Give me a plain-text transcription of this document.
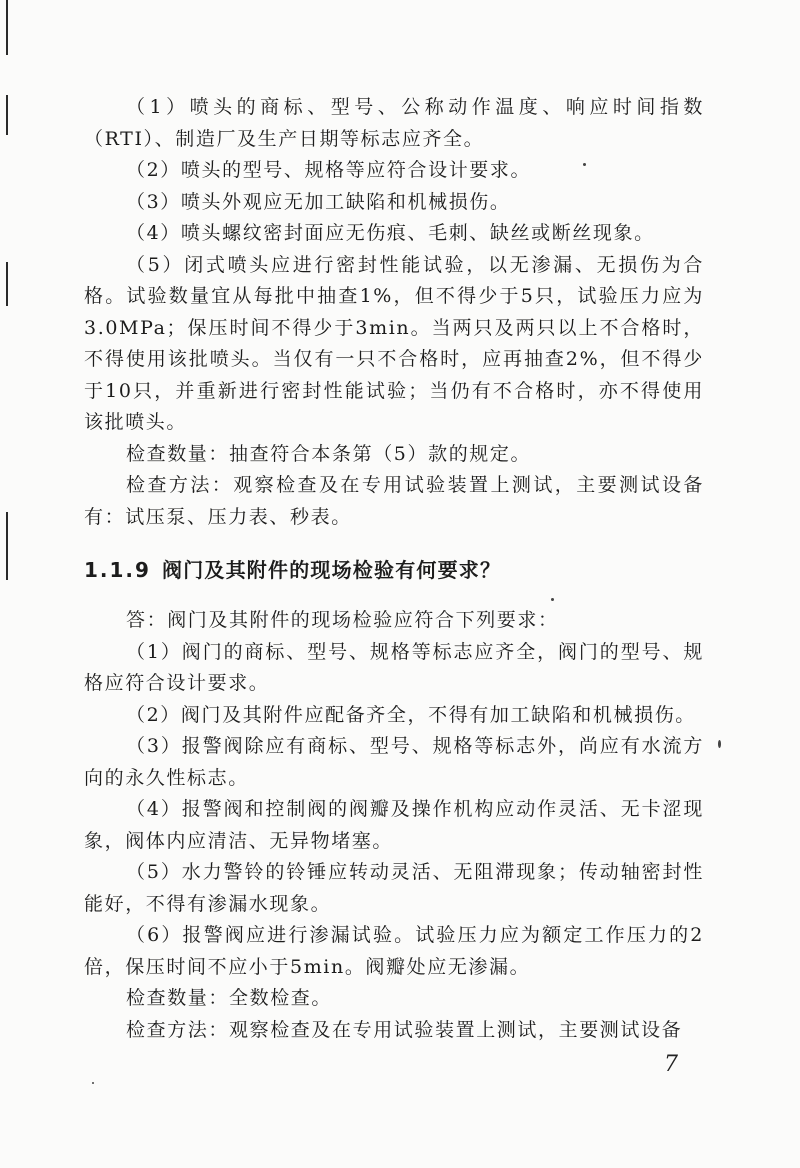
（1）喷头的商标、型号、公称动作温度、响应时间指数（RTI）、制造厂及生产日期等标志应齐全。

（2）喷头的型号、规格等应符合设计要求。

（3）喷头外观应无加工缺陷和机械损伤。

（4）喷头螺纹密封面应无伤痕、毛刺、缺丝或断丝现象。

（5）闭式喷头应进行密封性能试验，以无渗漏、无损伤为合格。试验数量宜从每批中抽查1%，但不得少于5只，试验压力应为3.0MPa；保压时间不得少于3min。当两只及两只以上不合格时，不得使用该批喷头。当仅有一只不合格时，应再抽查2%，但不得少于10只，并重新进行密封性能试验；当仍有不合格时，亦不得使用该批喷头。

检查数量：抽查符合本条第（5）款的规定。

检查方法：观察检查及在专用试验装置上测试，主要测试设备有：试压泵、压力表、秒表。

1.1.9 阀门及其附件的现场检验有何要求？

答：阀门及其附件的现场检验应符合下列要求：

（1）阀门的商标、型号、规格等标志应齐全，阀门的型号、规格应符合设计要求。

（2）阀门及其附件应配备齐全，不得有加工缺陷和机械损伤。

（3）报警阀除应有商标、型号、规格等标志外，尚应有水流方向的永久性标志。

（4）报警阀和控制阀的阀瓣及操作机构应动作灵活、无卡涩现象，阀体内应清洁、无异物堵塞。

（5）水力警铃的铃锤应转动灵活、无阻滞现象；传动轴密封性能好，不得有渗漏水现象。

（6）报警阀应进行渗漏试验。试验压力应为额定工作压力的2倍，保压时间不应小于5min。阀瓣处应无渗漏。

检查数量：全数检查。

检查方法：观察检查及在专用试验装置上测试，主要测试设备

7
